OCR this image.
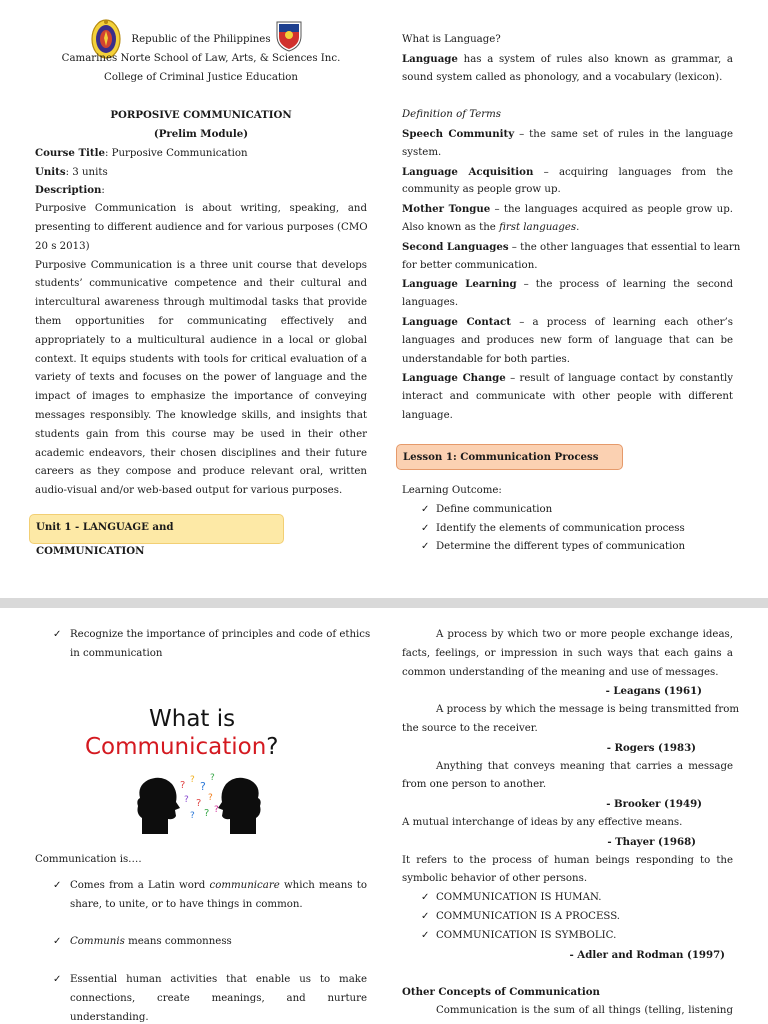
Republic of the Philippines
Camarines Norte School of Law, Arts, & Sciences Inc.
College of Criminal Justice Education
PORPOSIVE COMMUNICATION
(Prelim Module)
Course Title: Purposive Communication
Units: 3 units
Description:
Purposive Communication is about writing, speaking, and
presenting to different audience and for various purposes (CMO
20 s 2013)
Purposive Communication is a three unit course that develops
students’ communicative competence and their cultural and
intercultural awareness through multimodal tasks that provide
them opportunities for communicating effectively and
appropriately to a multicultural audience in a local or global
context. It equips students with tools for critical evaluation of a
variety of texts and focuses on the power of language and the
impact of images to emphasize the importance of conveying
messages responsibly. The knowledge skills, and insights that
students gain from this course may be used in their other
academic endeavors, their chosen disciplines and their future
careers as they compose and produce relevant oral, written
audio-visual and/or web-based output for various purposes.
Unit 1 - LANGUAGE and COMMUNICATION
What is Language?
Language has a system of rules also known as grammar, a
sound system called as phonology, and a vocabulary (lexicon).
Definition of Terms
Speech Community – the same set of rules in the language
system.
Language Acquisition – acquiring languages from the
community as people grow up.
Mother Tongue – the languages acquired as people grow up.
Also known as the first languages.
Second Languages – the other languages that essential to learn
for better communication.
Language Learning – the process of learning the second
languages.
Language Contact – a process of learning each other’s
languages and produces new form of language that can be
understandable for both parties.
Language Change – result of language contact by constantly
interact and communicate with other people with different
language.
Lesson 1: Communication Process
Learning Outcome:
✓ Define communication
✓ Identify the elements of communication process
✓ Determine the different types of communication
✓ Recognize the importance of principles and code of ethics
in communication
What is
Communication?
? ? ?
?
? ? ?
? ? ?
Communication is….
✓ Comes from a Latin word communicare which means to
share, to unite, or to have things in common.
✓ Communis means commonness
✓ Essential human activities that enable us to make
connections, create meanings, and nurture
understanding.
A process by which two or more people exchange ideas,
facts, feelings, or impression in such ways that each gains a
common understanding of the meaning and use of messages.
- Leagans (1961)
A process by which the message is being transmitted from
the source to the receiver.
- Rogers (1983)
Anything that conveys meaning that carries a message
from one person to another.
- Brooker (1949)
A mutual interchange of ideas by any effective means.
- Thayer (1968)
It refers to the process of human beings responding to the
symbolic behavior of other persons.
✓ COMMUNICATION IS HUMAN.
✓ COMMUNICATION IS A PROCESS.
✓ COMMUNICATION IS SYMBOLIC.
- Adler and Rodman (1997)
Other Concepts of Communication
Communication is the sum of all things (telling, listening
